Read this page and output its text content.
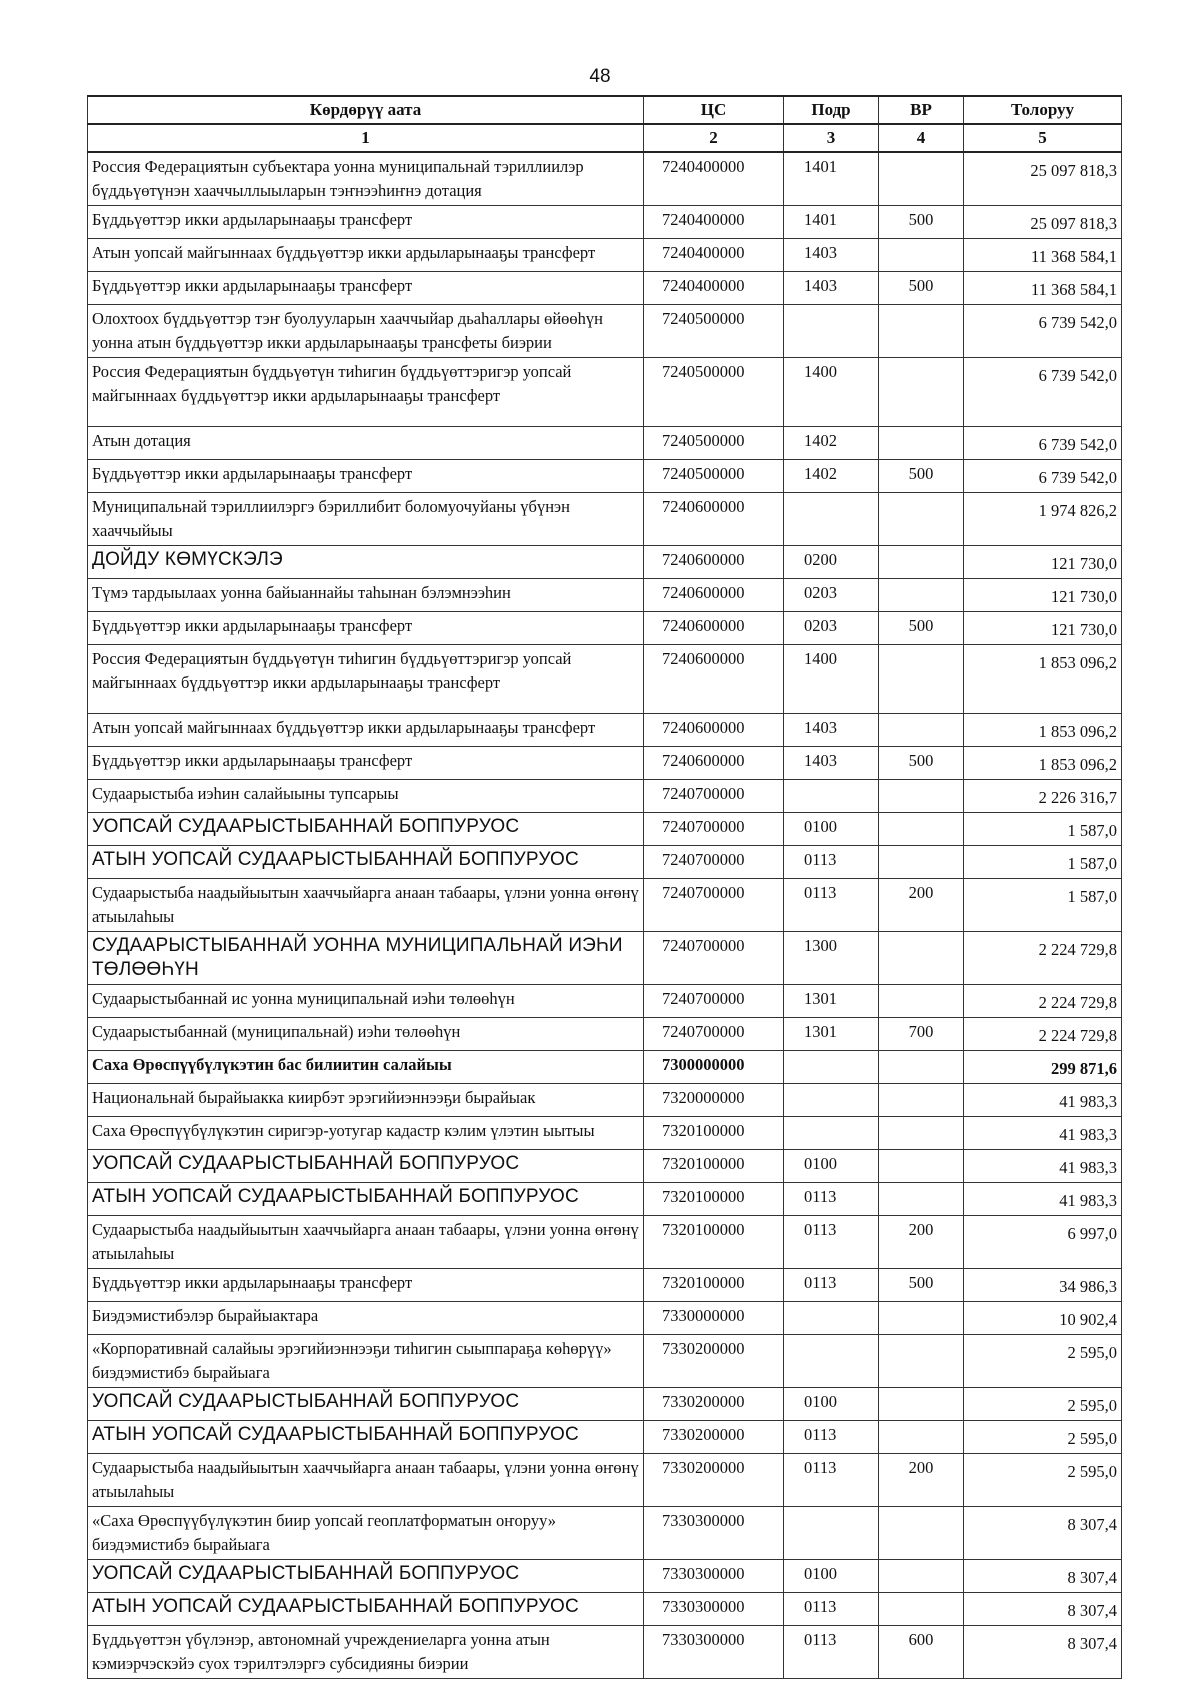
48
Көрдөрүү аата	ЦС	Подр	ВР	Толоруу
1	2	3	4	5
Россия Федерациятын субъектара уонна муниципальнай тэриллиилэр бүддьүөтүнэн хааччыллыыларын тэҥнээһиҥнэ дотация	7240400000	1401		25 097 818,3
Бүддьүөттэр икки ардыларынааҕы трансферт	7240400000	1401	500	25 097 818,3
Атын уопсай майгыннаах бүддьүөттэр икки ардыларынааҕы трансферт	7240400000	1403		11 368 584,1
Бүддьүөттэр икки ардыларынааҕы трансферт	7240400000	1403	500	11 368 584,1
Олохтоох бүддьүөттэр тэҥ буолууларын хааччыйар дьаһаллары өйөөһүн уонна атын бүддьүөттэр икки ардыларынааҕы трансфеты биэрии	7240500000			6 739 542,0
Россия Федерациятын бүддьүөтүн тиһигин бүддьүөттэригэр уопсай майгыннаах бүддьүөттэр икки ардыларынааҕы трансферт	7240500000	1400		6 739 542,0
Атын дотация	7240500000	1402		6 739 542,0
Бүддьүөттэр икки ардыларынааҕы трансферт	7240500000	1402	500	6 739 542,0
Муниципальнай тэриллиилэргэ бэриллибит боломуочуйаны үбүнэн хааччыйыы	7240600000			1 974 826,2
ДОЙДУ КӨМҮСКЭЛЭ	7240600000	0200		121 730,0
Түмэ тардыылаах уонна байыаннайы таһынан бэлэмнээһин	7240600000	0203		121 730,0
Бүддьүөттэр икки ардыларынааҕы трансферт	7240600000	0203	500	121 730,0
Россия Федерациятын бүддьүөтүн тиһигин бүддьүөттэригэр уопсай майгыннаах бүддьүөттэр икки ардыларынааҕы трансферт	7240600000	1400		1 853 096,2
Атын уопсай майгыннаах бүддьүөттэр икки ардыларынааҕы трансферт	7240600000	1403		1 853 096,2
Бүддьүөттэр икки ардыларынааҕы трансферт	7240600000	1403	500	1 853 096,2
Судаарыстыба иэһин салайыыны тупсарыы	7240700000			2 226 316,7
УОПСАЙ СУДААРЫСТЫБАННАЙ БОППУРУОС	7240700000	0100		1 587,0
АТЫН УОПСАЙ СУДААРЫСТЫБАННАЙ БОППУРУОС	7240700000	0113		1 587,0
Судаарыстыба наадыйыытын хааччыйарга анаан табаары, үлэни уонна өҥөнү атыылаһыы	7240700000	0113	200	1 587,0
СУДААРЫСТЫБАННАЙ УОННА МУНИЦИПАЛЬНАЙ ИЭҺИ ТӨЛӨӨҺҮН	7240700000	1300		2 224 729,8
Судаарыстыбаннай ис уонна муниципальнай иэһи төлөөһүн	7240700000	1301		2 224 729,8
Судаарыстыбаннай (муниципальнай) иэһи төлөөһүн	7240700000	1301	700	2 224 729,8
Саха Өрөспүүбүлүкэтин бас билиитин салайыы	7300000000			299 871,6
Национальнай бырайыакка киирбэт эрэгийиэннээҕи бырайыак	7320000000			41 983,3
Саха Өрөспүүбүлүкэтин сиригэр-уотугар кадастр кэлим үлэтин ыытыы	7320100000			41 983,3
УОПСАЙ СУДААРЫСТЫБАННАЙ БОППУРУОС	7320100000	0100		41 983,3
АТЫН УОПСАЙ СУДААРЫСТЫБАННАЙ БОППУРУОС	7320100000	0113		41 983,3
Судаарыстыба наадыйыытын хааччыйарга анаан табаары, үлэни уонна өҥөнү атыылаһыы	7320100000	0113	200	6 997,0
Бүддьүөттэр икки ардыларынааҕы трансферт	7320100000	0113	500	34 986,3
Биэдэмистибэлэр бырайыактара	7330000000			10 902,4
«Корпоративнай салайыы эрэгийиэннээҕи тиһигин сыыппараҕа көһөрүү» биэдэмистибэ бырайыага	7330200000			2 595,0
УОПСАЙ СУДААРЫСТЫБАННАЙ БОППУРУОС	7330200000	0100		2 595,0
АТЫН УОПСАЙ СУДААРЫСТЫБАННАЙ БОППУРУОС	7330200000	0113		2 595,0
Судаарыстыба наадыйыытын хааччыйарга анаан табаары, үлэни уонна өҥөнү атыылаһыы	7330200000	0113	200	2 595,0
«Саха Өрөспүүбүлүкэтин биир уопсай геоплатформатын оҥоруу» биэдэмистибэ бырайыага	7330300000			8 307,4
УОПСАЙ СУДААРЫСТЫБАННАЙ БОППУРУОС	7330300000	0100		8 307,4
АТЫН УОПСАЙ СУДААРЫСТЫБАННАЙ БОППУРУОС	7330300000	0113		8 307,4
Бүддьүөттэн үбүлэнэр, автономнай учреждениеларга уонна атын кэмиэрчэскэйэ суох тэрилтэлэргэ субсидияны биэрии	7330300000	0113	600	8 307,4
